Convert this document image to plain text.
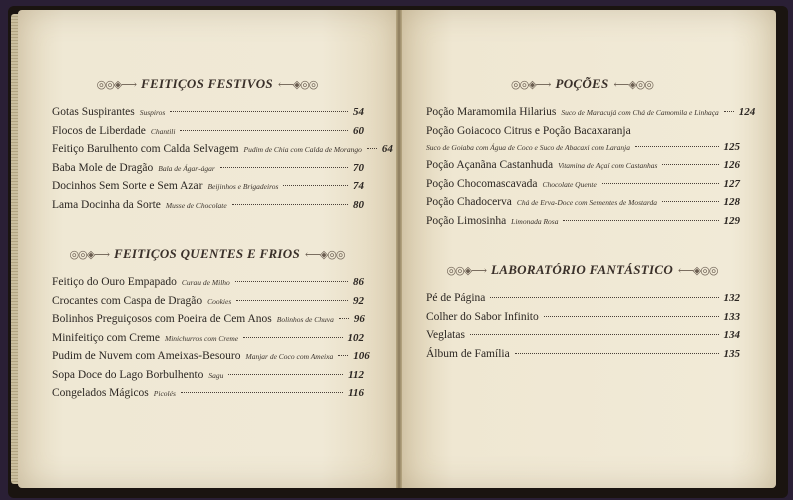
◎◎◈⟶ FEITIÇOS FESTIVOS ⟵◈◎◎
Gotas Suspirantes Suspiros	54
Flocos de Liberdade Chantili	60
Feitiço Barulhento com Calda Selvagem Pudim de Chia com Calda de Morango 64
Baba Mole de Dragão Bala de Ágar-ágar	70
Docinhos Sem Sorte e Sem Azar Beijinhos e Brigadeiros	74
Lama Docinha da Sorte Musse de Chocolate	80
◎◎◈⟶ FEITIÇOS QUENTES E FRIOS ⟵◈◎◎
Feitiço do Ouro Empapado Curau de Milho	86
Crocantes com Caspa de Dragão Cookies	92
Bolinhos Preguiçosos com Poeira de Cem Anos Bolinhos de Chuva 96
Minifeitiço com Creme Minichurros com Creme	102
Pudim de Nuvem com Ameixas-Besouro Manjar de Coco com Ameixa 106
Sopa Doce do Lago Borbulhento Sagu	112
Congelados Mágicos Picolés	116
◎◎◈⟶ POÇÕES ⟵◈◎◎
Poção Maramomila Hilarius Suco de Maracujá com Chá de Camomila e Linhaça 124
Poção Goiacoco Citrus e Poção Bacaxaranja
Suco de Goiaba com Água de Coco e Suco de Abacaxi com Laranja	125
Poção Açanãna Castanhuda Vitamina de Açaí com Castanhas	126
Poção Chocomascavada Chocolate Quente	127
Poção Chadocerva Chá de Erva-Doce com Sementes de Mostarda	128
Poção Limosinha Limonada Rosa	129
◎◎◈⟶ LABORATÓRIO FANTÁSTICO ⟵◈◎◎
Pé de Página	132
Colher do Sabor Infinito	133
Veglatas	134
Álbum de Família	135
